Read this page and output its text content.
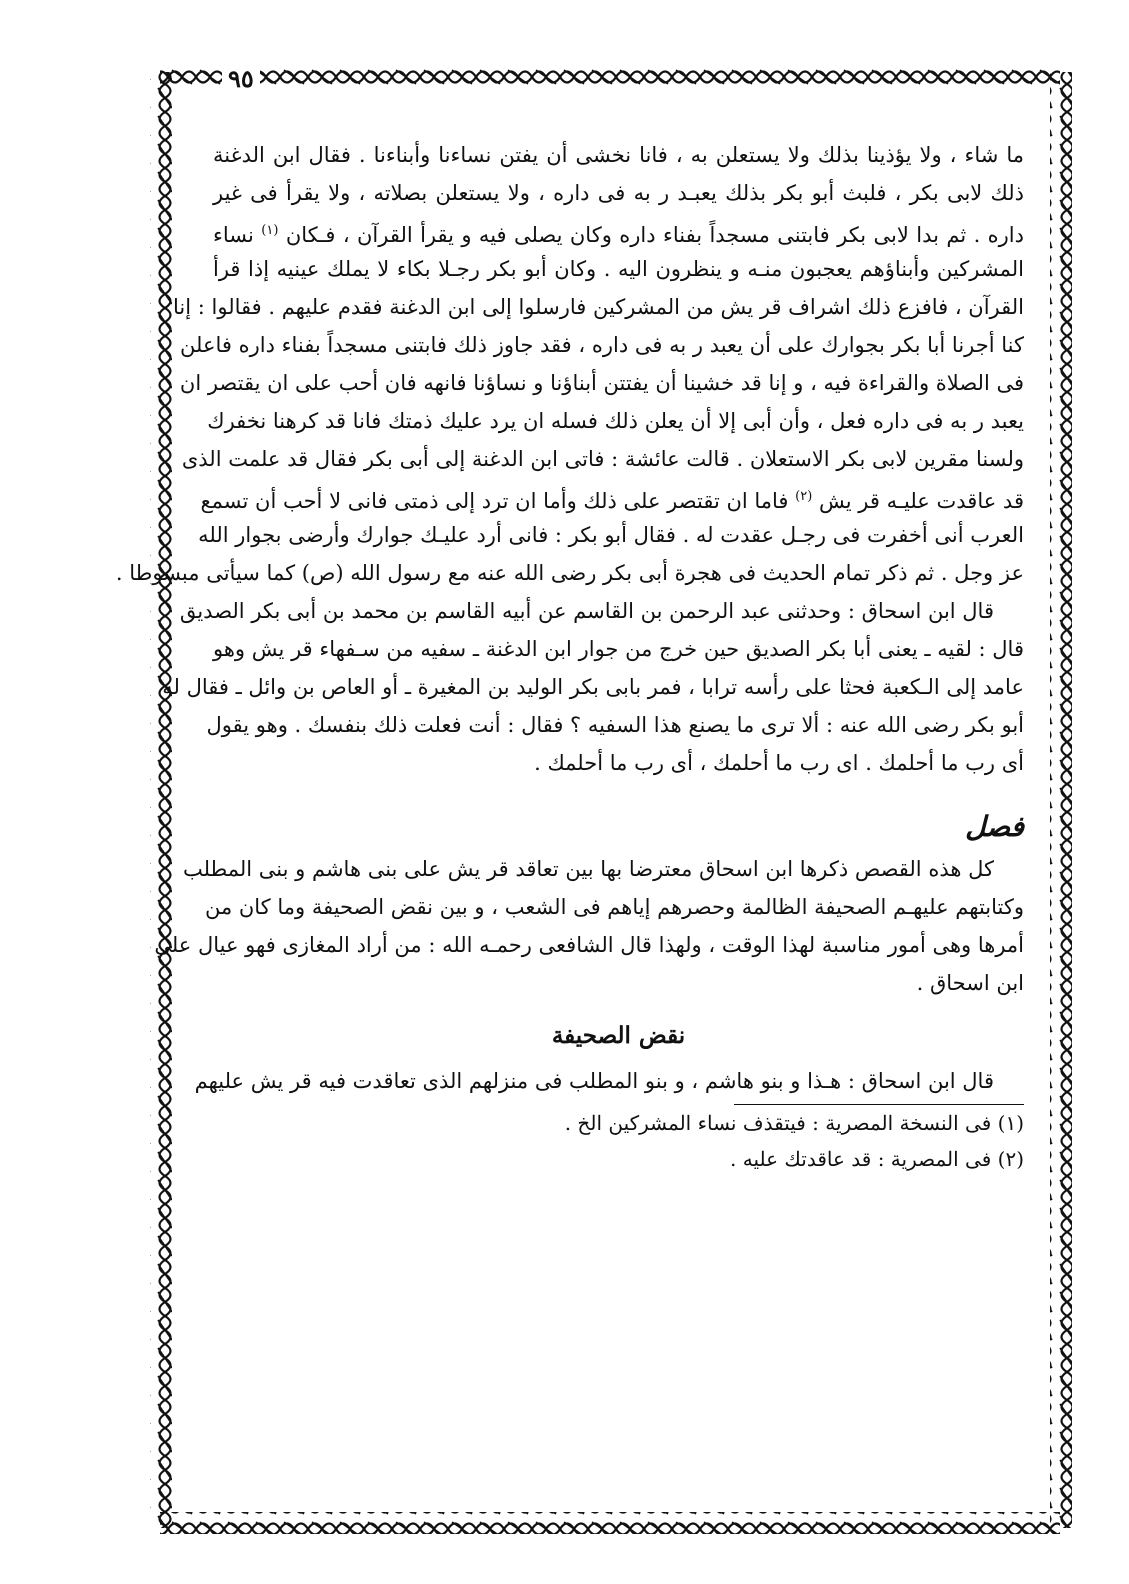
٩٥
ما شاء ، ولا يؤذينا بذلك ولا يستعلن به ، فانا نخشى أن يفتن نساءنا وأبناءنا . فقال ابن الدغنة
ذلك لابى بكر ، فلبث أبو بكر بذلك يعبـد ر به فى داره ، ولا يستعلن بصلاته ، ولا يقرأ فى غير
داره . ثم بدا لابى بكر فابتنى مسجداً بفناء داره وكان يصلى فيه و يقرأ القرآن ، فـكان $^{(١)}$ نساء
المشركين وأبناؤهم يعجبون منـه و ينظرون اليه . وكان أبو بكر رجـلا بكاء لا يملك عينيه إذا قرأ
القرآن ، فافزع ذلك اشراف قر يش من المشركين فارسلوا إلى ابن الدغنة فقدم عليهم . فقالوا : إنا
كنا أجرنا أبا بكر بجوارك على أن يعبد ر به فى داره ، فقد جاوز ذلك فابتنى مسجداً بفناء داره فاعلن
فى الصلاة والقراءة فيه ، و إنا قد خشينا أن يفتتن أبناؤنا و نساؤنا فانهه فان أحب على ان يقتصر ان
يعبد ر به فى داره فعل ، وأن أبى إلا أن يعلن ذلك فسله ان يرد عليك ذمتك فانا قد كرهنا نخفرك
ولسنا مقرين لابى بكر الاستعلان . قالت عائشة : فاتى ابن الدغنة إلى أبى بكر فقال قد علمت الذى
قد عاقدت عليـه قر يش $^{(٢)}$ فاما ان تقتصر على ذلك وأما ان ترد إلى ذمتى فانى لا أحب أن تسمع
العرب أنى أخفرت فى رجـل عقدت له . فقال أبو بكر : فانى أرد عليـك جوارك وأرضى بجوار الله
عز وجل . ثم ذكر تمام الحديث فى هجرة أبى بكر رضى الله عنه مع رسول الله (ص) كما سيأتى مبسوطا .
قال ابن اسحاق : وحدثنى عبد الرحمن بن القاسم عن أبيه القاسم بن محمد بن أبى بكر الصديق
قال : لقيه ـ يعنى أبا بكر الصديق حين خرج من جوار ابن الدغنة ـ سفيه من سـفهاء قر يش وهو
عامد إلى الـكعبة فحثا على رأسه ترابا ، فمر بابى بكر الوليد بن المغيرة ـ أو العاص بن وائل ـ فقال له
أبو بكر رضى الله عنه : ألا ترى ما يصنع هذا السفيه ؟ فقال : أنت فعلت ذلك بنفسك . وهو يقول
أى رب ما أحلمك . اى رب ما أحلمك ، أى رب ما أحلمك .
فصل
كل هذه القصص ذكرها ابن اسحاق معترضا بها بين تعاقد قر يش على بنى هاشم و بنى المطلب
وكتابتهم عليهـم الصحيفة الظالمة وحصرهم إياهم فى الشعب ، و بين نقض الصحيفة وما كان من
أمرها وهى أمور مناسبة لهذا الوقت ، ولهذا قال الشافعى رحمـه الله : من أراد المغازى فهو عيال على
ابن اسحاق .
نقض الصحيفة
قال ابن اسحاق : هـذا و بنو هاشم ، و بنو المطلب فى منزلهم الذى تعاقدت فيه قر يش عليهم
(١) فى النسخة المصرية : فيتقذف نساء المشركين الخ .
(٢) فى المصرية : قد عاقدتك عليه .
